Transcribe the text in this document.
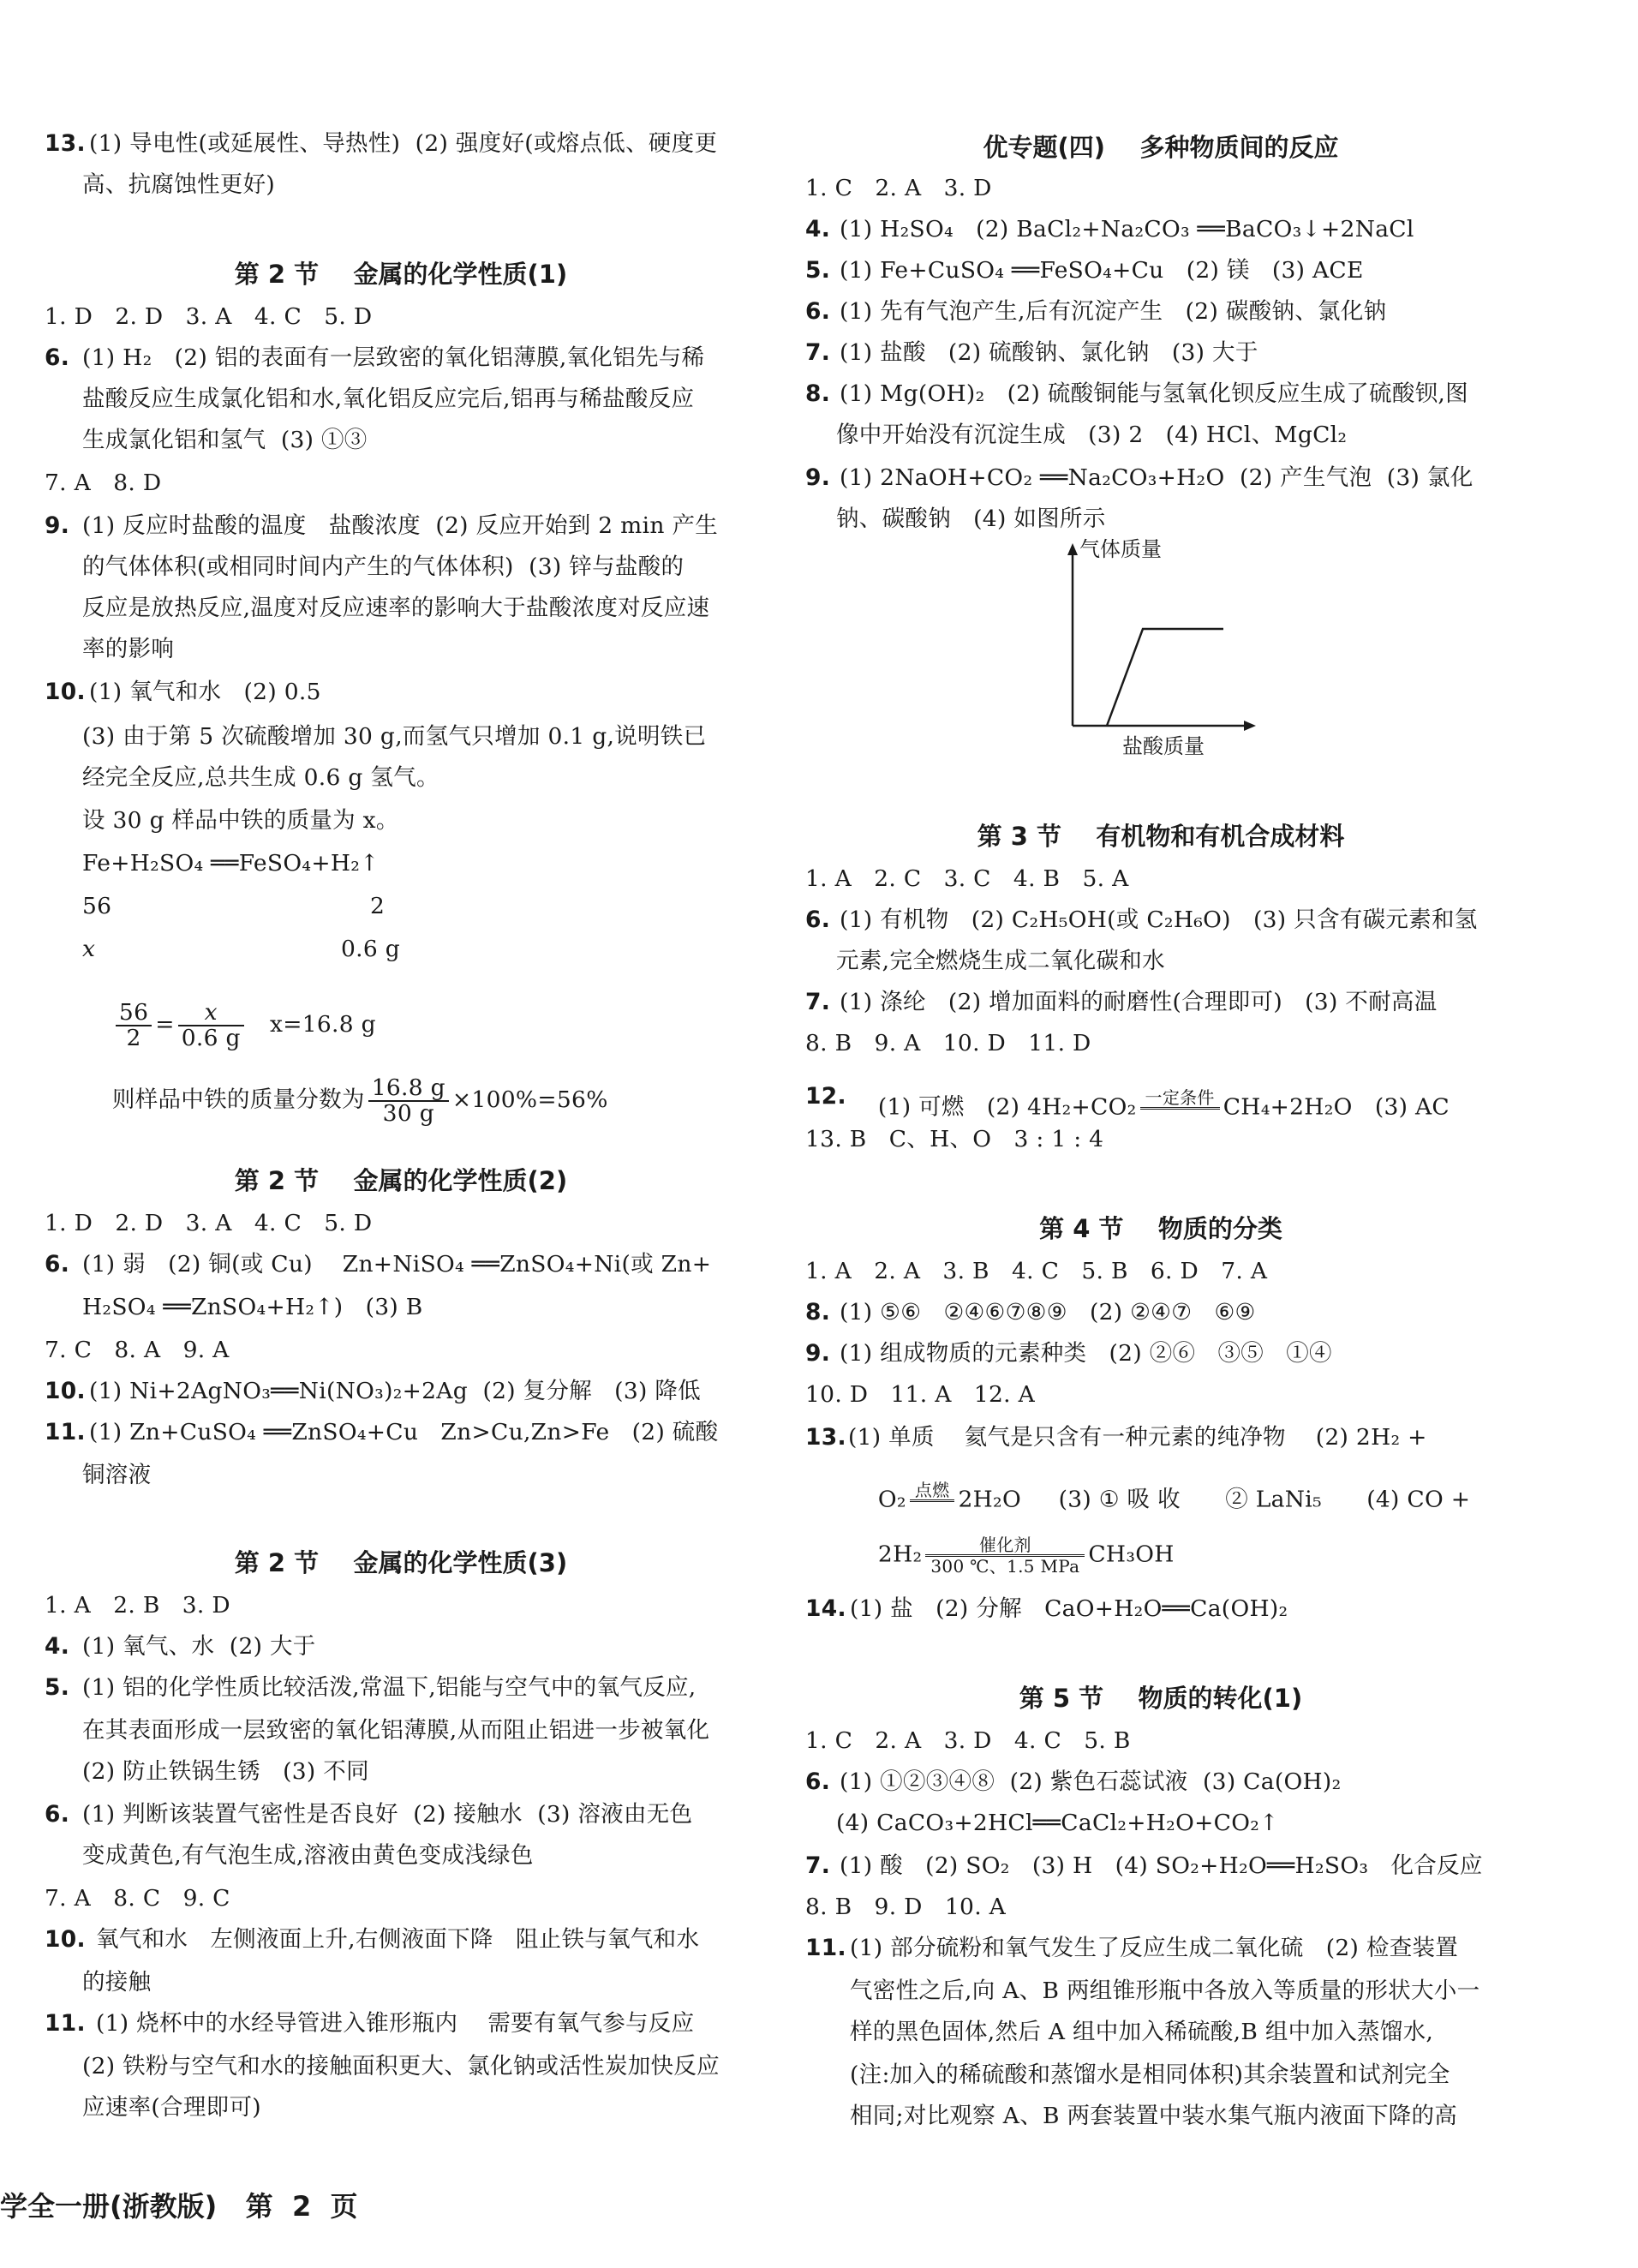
13. (1) 导电性(或延展性、导热性)  (2) 强度好(或熔点低、硬度更
高、抗腐蚀性更好)
第 2 节    金属的化学性质(1)
1. D   2. D   3. A   4. C   5. D
6. (1) H₂   (2) 铝的表面有一层致密的氧化铝薄膜,氧化铝先与稀
盐酸反应生成氯化铝和水,氧化铝反应完后,铝再与稀盐酸反应
生成氯化铝和氢气  (3) ①③
7. A   8. D
9. (1) 反应时盐酸的温度   盐酸浓度  (2) 反应开始到 2 min 产生
的气体体积(或相同时间内产生的气体体积)  (3) 锌与盐酸的
反应是放热反应,温度对反应速率的影响大于盐酸浓度对反应速
率的影响
10. (1) 氧气和水   (2) 0.5
(3) 由于第 5 次硫酸增加 30 g,而氢气只增加 0.1 g,说明铁已
经完全反应,总共生成 0.6 g 氢气。
设 30 g 样品中铁的质量为 x。
Fe+H₂SO₄ ══FeSO₄+H₂↑
56	2
x	0.6 g

$\frac{56}{2} = \frac{x}{0.6 g} x=16.8$ g

则样品中铁的质量分数为 $\frac{16.8 g}{30 g} \times 100\%=56\%$

第 2 节    金属的化学性质(2)
1. D   2. D   3. A   4. C   5. D
6. (1) 弱   (2) 铜(或 Cu)    Zn+NiSO₄ ══ZnSO₄+Ni(或 Zn+
H₂SO₄ ══ZnSO₄+H₂↑)   (3) B
7. C   8. A   9. A
10. (1) Ni+2AgNO₃══Ni(NO₃)₂+2Ag  (2) 复分解   (3) 降低
11. (1) Zn+CuSO₄ ══ZnSO₄+Cu   Zn>Cu,Zn>Fe   (2) 硫酸
铜溶液
第 2 节    金属的化学性质(3)
1. A   2. B   3. D
4. (1) 氧气、水  (2) 大于
5. (1) 铝的化学性质比较活泼,常温下,铝能与空气中的氧气反应,
在其表面形成一层致密的氧化铝薄膜,从而阻止铝进一步被氧化
(2) 防止铁锅生锈   (3) 不同
6. (1) 判断该装置气密性是否良好  (2) 接触水  (3) 溶液由无色
变成黄色,有气泡生成,溶液由黄色变成浅绿色
7. A   8. C   9. C
10. 氧气和水   左侧液面上升,右侧液面下降   阻止铁与氧气和水
的接触
11. (1) 烧杯中的水经导管进入锥形瓶内    需要有氧气参与反应
(2) 铁粉与空气和水的接触面积更大、氯化钠或活性炭加快反应
应速率(合理即可)
优专题(四)    多种物质间的反应
1. C   2. A   3. D
4. (1) H₂SO₄   (2) BaCl₂+Na₂CO₃ ══BaCO₃↓+2NaCl
5. (1) Fe+CuSO₄ ══FeSO₄+Cu   (2) 镁   (3) ACE
6. (1) 先有气泡产生,后有沉淀产生   (2) 碳酸钠、氯化钠
7. (1) 盐酸   (2) 硫酸钠、氯化钠   (3) 大于
8. (1) Mg(OH)₂   (2) 硫酸铜能与氢氧化钡反应生成了硫酸钡,图
像中开始没有沉淀生成   (3) 2   (4) HCl、MgCl₂
9. (1) 2NaOH+CO₂ ══Na₂CO₃+H₂O  (2) 产生气泡  (3) 氯化
钠、碳酸钠   (4) 如图所示
气体质量
盐酸质量
第 3 节    有机物和有机合成材料
1. A   2. C   3. C   4. B   5. A
6. (1) 有机物   (2) C₂H₅OH(或 C₂H₆O)   (3) 只含有碳元素和氢
元素,完全燃烧生成二氧化碳和水
7. (1) 涤纶   (2) 增加面料的耐磨性(合理即可)   (3) 不耐高温
8. B   9. A   10. D   11. D
12.	(1) 可燃   (2) 4H₂+CO₂ 一定条件
CH₄+2H₂O   (3) AC

13. B   C、H、O   3 : 1 : 4
第 4 节    物质的分类
1. A   2. A   3. B   4. C   5. B   6. D   7. A
8. (1) ⑤⑥   ②④⑥⑦⑧⑨   (2) ②④⑦   ⑥⑨
9. (1) 组成物质的元素种类   (2) ②⑥   ③⑤   ①④
10. D   11. A   12. A
13. (1) 单质    氦气是只含有一种元素的纯净物    (2) 2H₂ +

O₂ 点燃
2H₂O     (3) ① 吸 收      ② LaNi₅      (4) CO +

2H₂	催化剂
300 ℃、1.5 MPa CH₃OH

14. (1) 盐   (2) 分解   CaO+H₂O══Ca(OH)₂
第 5 节    物质的转化(1)
1. C   2. A   3. D   4. C   5. B
6. (1) ①②③④⑧  (2) 紫色石蕊试液  (3) Ca(OH)₂
(4) CaCO₃+2HCl══CaCl₂+H₂O+CO₂↑
7. (1) 酸   (2) SO₂   (3) H   (4) SO₂+H₂O══H₂SO₃   化合反应
8. B   9. D   10. A
11. (1) 部分硫粉和氧气发生了反应生成二氧化硫   (2) 检查装置
气密性之后,向 A、B 两组锥形瓶中各放入等质量的形状大小一
样的黑色固体,然后 A 组中加入稀硫酸,B 组中加入蒸馏水,
(注:加入的稀硫酸和蒸馏水是相同体积)其余装置和试剂完全
相同;对比观察 A、B 两套装置中装水集气瓶内液面下降的高
学全一册(浙教版)   第  2  页
